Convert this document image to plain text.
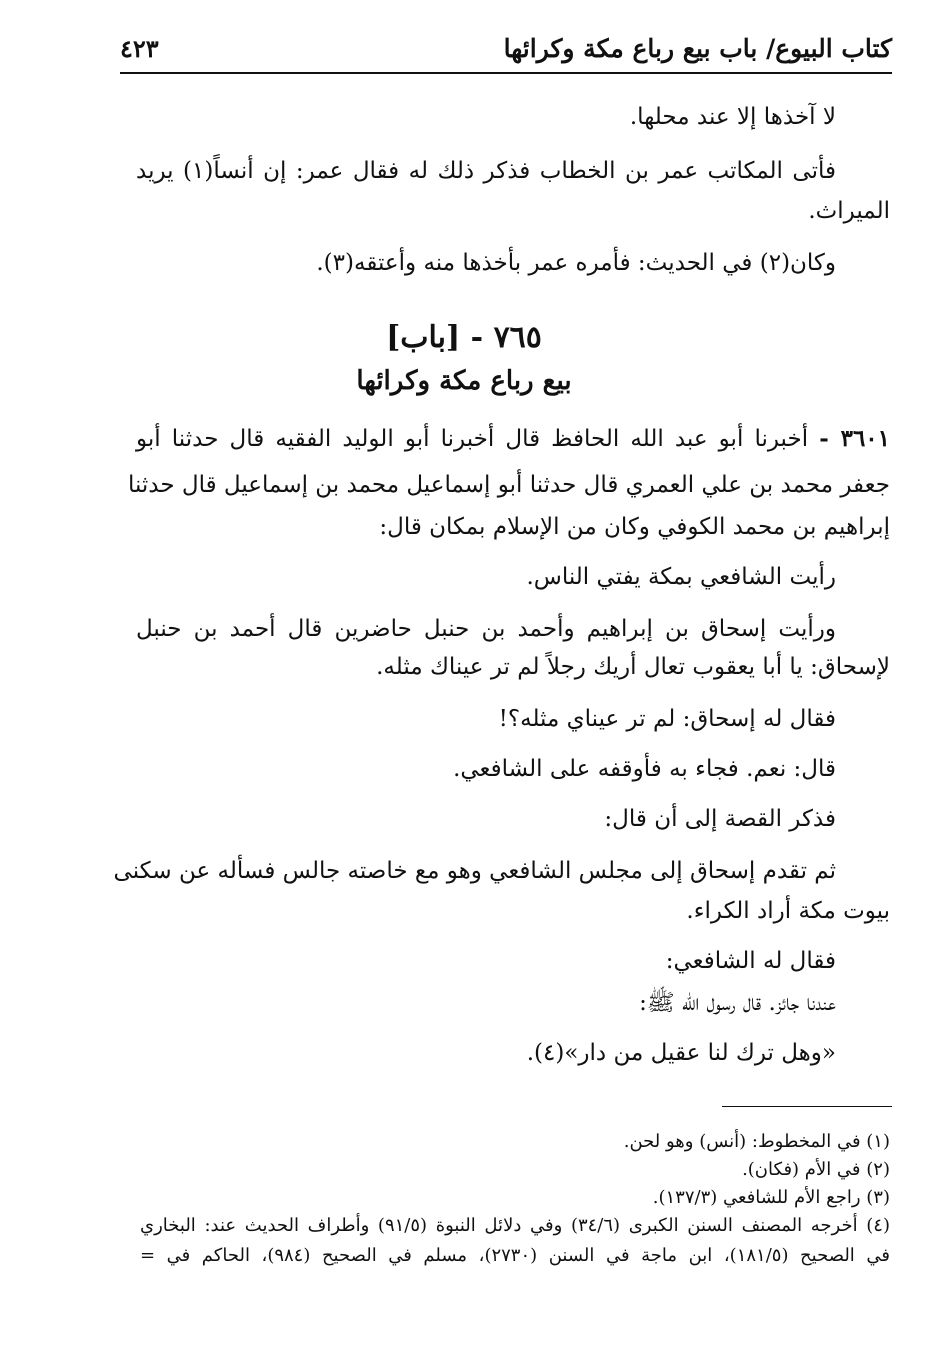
كتاب البيوع/ باب بيع رباع مكة وكرائها
٤٢٣
لا آخذها إلا عند محلها.
فأتى المكاتب عمر بن الخطاب فذكر ذلك له فقال عمر: إن أنساً(١) يريد
الميراث.
وكان(٢) في الحديث: فأمره عمر بأخذها منه وأعتقه(٣).
٧٦٥ - [باب]
بيع رباع مكة وكرائها
٣٦٠١ - أخبرنا أبو عبد الله الحافظ قال أخبرنا أبو الوليد الفقيه قال حدثنا أبو
جعفر محمد بن علي العمري قال حدثنا أبو إسماعيل محمد بن إسماعيل قال حدثنا
إبراهيم بن محمد الكوفي وكان من الإسلام بمكان قال:
رأيت الشافعي بمكة يفتي الناس.
ورأيت إسحاق بن إبراهيم وأحمد بن حنبل حاضرين قال أحمد بن حنبل
لإسحاق: يا أبا يعقوب تعال أريك رجلاً لم تر عيناك مثله.
فقال له إسحاق: لم تر عيناي مثله؟!
قال: نعم. فجاء به فأوقفه على الشافعي.
فذكر القصة إلى أن قال:
ثم تقدم إسحاق إلى مجلس الشافعي وهو مع خاصته جالس فسأله عن سكنى
بيوت مكة أراد الكراء.
فقال له الشافعي:
عندنا جائز. قال رسول الله ﷺ:
«وهل ترك لنا عقيل من دار»(٤).
(١) في المخطوط: (أنس) وهو لحن.
(٢) في الأم (فكان).
(٣) راجع الأم للشافعي (١٣٧/٣).
(٤) أخرجه المصنف السنن الكبرى (٣٤/٦) وفي دلائل النبوة (٩١/٥) وأطراف الحديث عند: البخاري
في الصحيح (١٨١/٥)، ابن ماجة في السنن (٢٧٣٠)، مسلم في الصحيح (٩٨٤)، الحاكم في =
